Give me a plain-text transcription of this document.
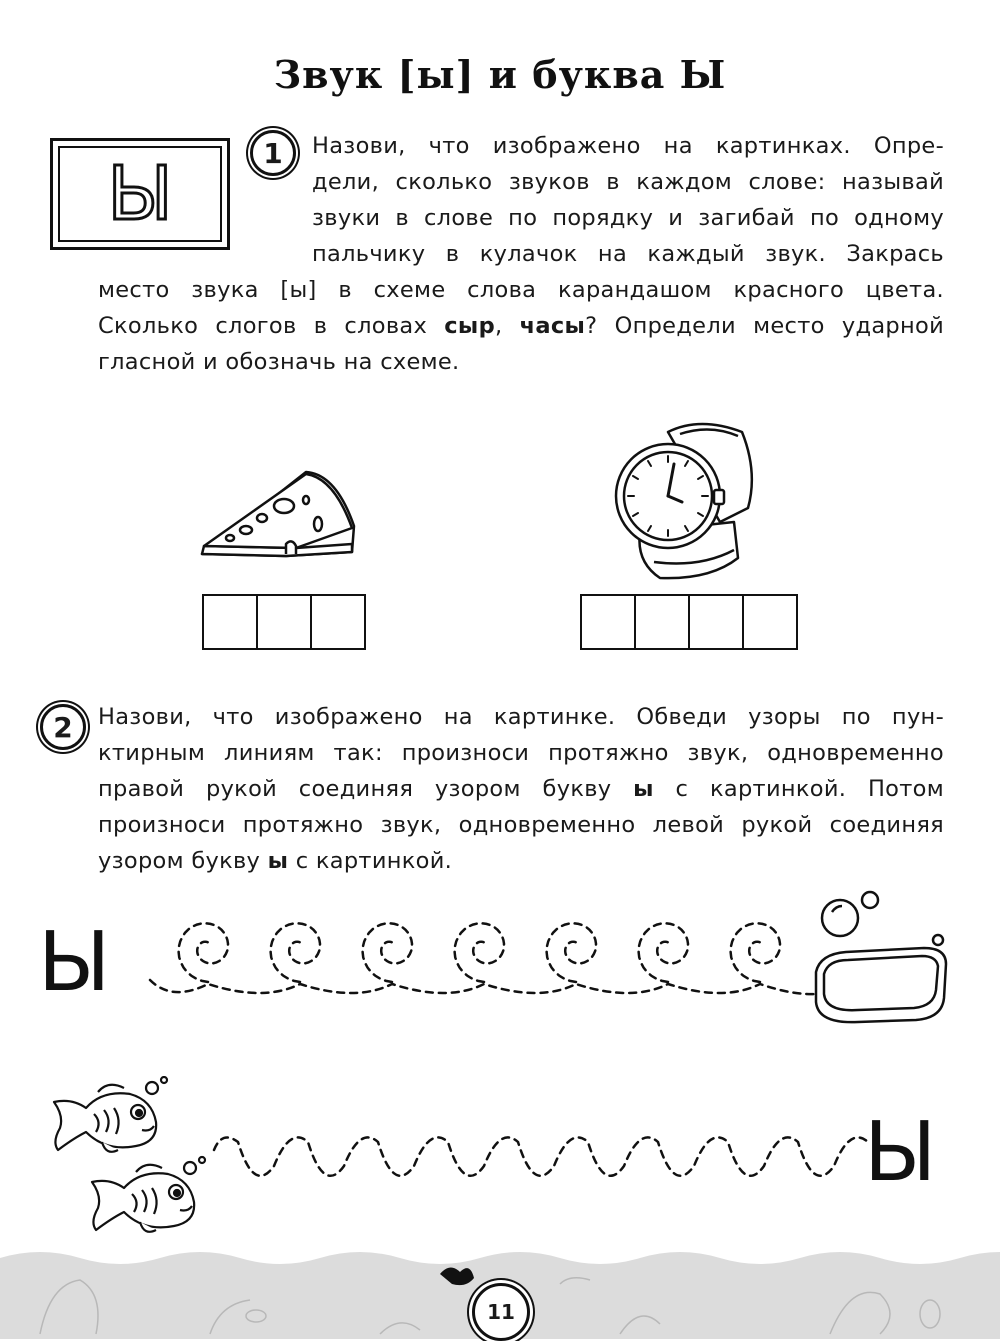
Звук [ы] и буква Ы
Ы	1	Назови, что изображено на картинках. Опре-

дели, сколько звуков в каждом слове: называй

звуки в слове по порядку и загибай по одному

пальчику в кулачок на каждый звук. Закрась

место звука [ы] в схеме слова карандашом красного цвета.

Сколько слогов в словах сыр, часы? Определи место ударной

гласной и обозначь на схеме.

2	Назови, что изображено на картинке. Обведи узоры по пун-

ктирным линиям так: произноси протяжно звук, одновременно

правой рукой соединяя узором букву ы с картинкой. Потом

произноси протяжно звук, одновременно левой рукой соединяя

узором букву ы с картинкой.

Ы
Ы
11
